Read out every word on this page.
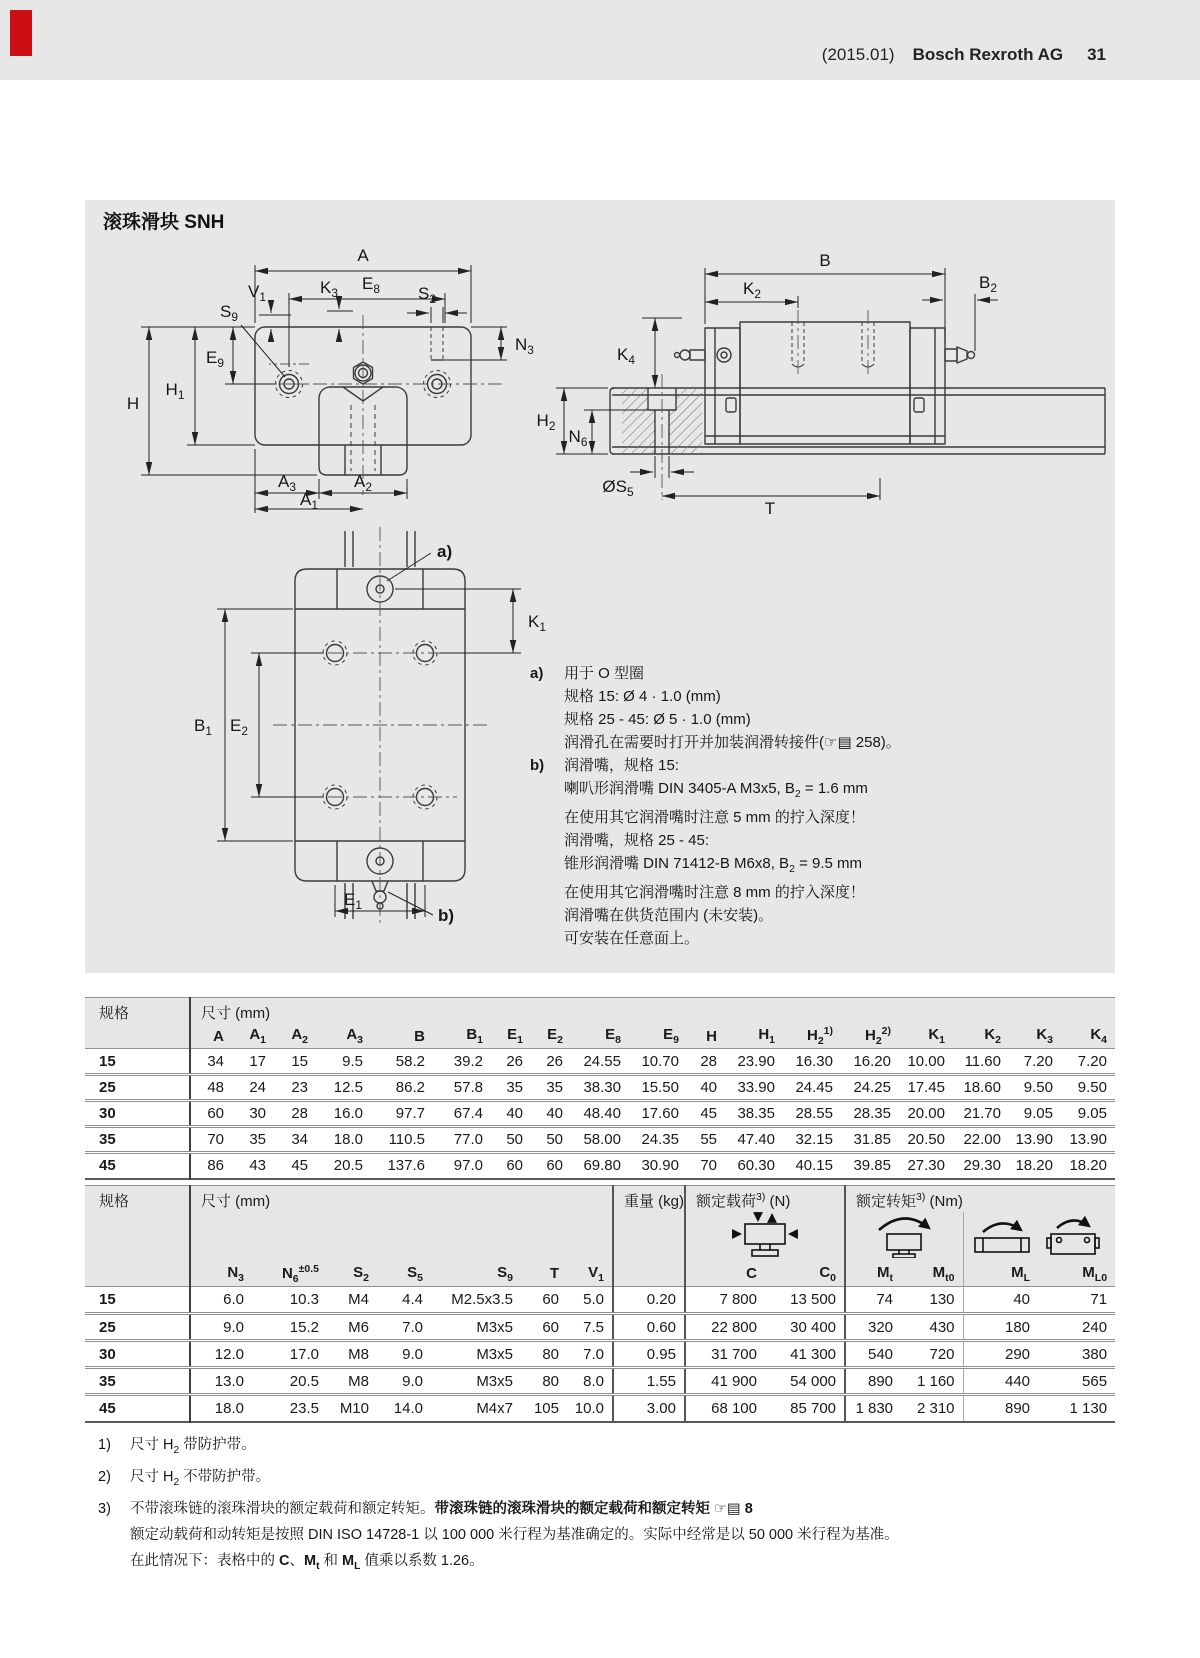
(2015.01) Bosch Rexroth AG 31
滚珠滑块 SNH
A
$E_8$
$S_9$
$S_2$
$V_1$	$K_3$
$N_3$
$E_9$
H
$H_1$
$A_3$	$A_2$
$A_1$
B
$K_2$
$B_2$
$K_4$
$H_2$
$N_6$
$ØS_5$
T
a)
$K_1$
$B_1$ $E_2$
b)
$E_1$
a)	用于 O 型圈
规格 15: Ø 4 · 1.0 (mm)
规格 25 - 45: Ø 5 · 1.0 (mm)
润滑孔在需要时打开并加装润滑转接件(☞▤ 258)。
b)	润滑嘴，规格 15:
喇叭形润滑嘴 DIN 3405-A M3x5, $B_2 = 1.6$ mm
在使用其它润滑嘴时注意 5 mm 的拧入深度！
润滑嘴，规格 25 - 45:
锥形润滑嘴 DIN 71412-B M6x8, $B_2 = 9.5$ mm
在使用其它润滑嘴时注意 8 mm 的拧入深度！
润滑嘴在供货范围内 (未安装)。
可安装在任意面上。
规格	尺寸 (mm)																	
	A	$A_1$	$A_2$	$A_3$	B	$B_1$	$E_1$	$E_2$	$E_8$	$E_9$	H	$H_1$	$H_2^{1)}$	$H_2^{2)}$	$K_1$	$K_2$	$K_3$	$K_4$
15	34	17	15	9.5	58.2	39.2	26	26	24.55	10.70	28	23.90	16.30	16.20	10.00	11.60	7.20	7.20
25	48	24	23	12.5	86.2	57.8	35	35	38.30	15.50	40	33.90	24.45	24.25	17.45	18.60	9.50	9.50
30	60	30	28	16.0	97.7	67.4	40	40	48.40	17.60	45	38.35	28.55	28.35	20.00	21.70	9.05	9.05
35	70	35	34	18.0	110.5	77.0	50	50	58.00	24.35	55	47.40	32.15	31.85	20.50	22.00	13.90	13.90
45	86	43	45	20.5	137.6	97.0	60	60	69.80	30.90	70	60.30	40.15	39.85	27.30	29.30	18.20	18.20
规格	尺寸 (mm)							重量 (kg)	额定载荷$^{3)}$ (N)		额定转矩$^{3)}$ (Nm)			

	$N_3$	$N_6^{\pm 0.5}$	$S_2$	$S_5$	$S_9$	T	$V_1$		C	$C_0$	$M_t$	$M_{t0}$	$M_L$	$M_{L0}$
15	6.0	10.3	M4	4.4	M2.5x3.5	60	5.0	0.20	7 800	13 500	74	130	40	71
25	9.0	15.2	M6	7.0	M3x5	60	7.5	0.60	22 800	30 400	320	430	180	240
30	12.0	17.0	M8	9.0	M3x5	80	7.0	0.95	31 700	41 300	540	720	290	380
35	13.0	20.5	M8	9.0	M3x5	80	8.0	1.55	41 900	54 000	890	1 160	440	565
45	18.0	23.5	M10	14.0	M4x7	105	10.0	3.00	68 100	85 700	1 830	2 310	890	1 130
1)	尺寸 $H_2$ 带防护带。
2)	尺寸 $H_2$ 不带防护带。
3)	不带滚珠链的滚珠滑块的额定载荷和额定转矩。带滚珠链的滚珠滑块的额定载荷和额定转矩 ☞▤ 8
额定动载荷和动转矩是按照 DIN ISO 14728-1 以 100 000 米行程为基准确定的。实际中经常是以 50 000 米行程为基准。
在此情况下：表格中的 C、$M_t$ 和 $M_L$ 值乘以系数 1.26。
